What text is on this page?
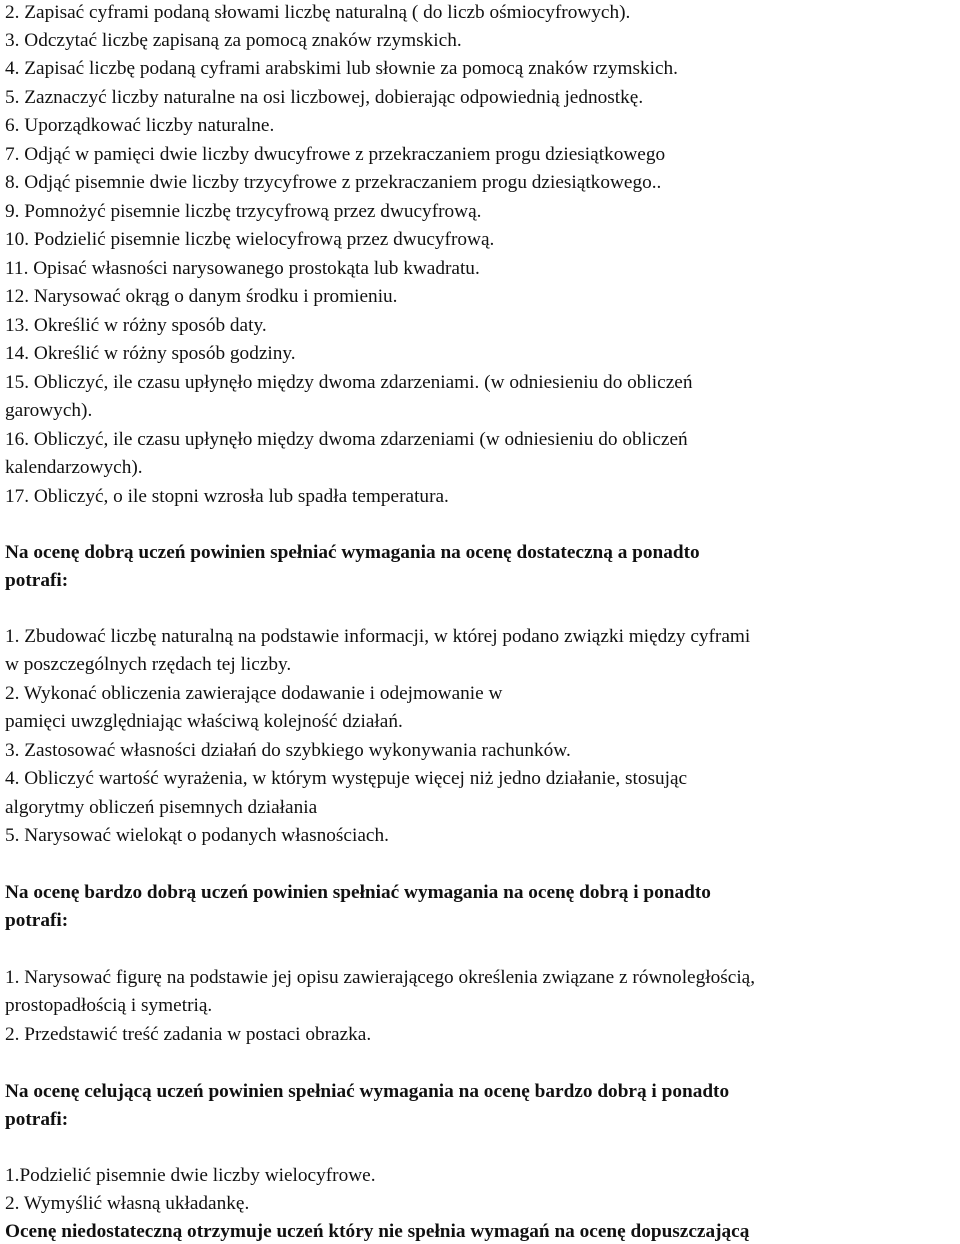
2. Zapisać cyframi podaną słowami liczbę naturalną ( do liczb ośmiocyfrowych).

3. Odczytać liczbę zapisaną za pomocą znaków rzymskich.

4. Zapisać liczbę podaną cyframi arabskimi lub słownie za pomocą znaków rzymskich.

5. Zaznaczyć liczby naturalne na osi liczbowej, dobierając odpowiednią jednostkę.

6. Uporządkować liczby naturalne.

7. Odjąć w pamięci dwie liczby dwucyfrowe z przekraczaniem progu dziesiątkowego

8. Odjąć pisemnie dwie liczby trzycyfrowe z przekraczaniem progu dziesiątkowego..

9. Pomnożyć pisemnie liczbę trzycyfrową przez dwucyfrową.

10. Podzielić pisemnie liczbę wielocyfrową przez dwucyfrową.

11. Opisać własności narysowanego prostokąta lub kwadratu.

12. Narysować okrąg o danym środku i promieniu.

13. Określić w różny sposób daty.

14. Określić w różny sposób godziny.

15. Obliczyć, ile czasu upłynęło między dwoma zdarzeniami. (w odniesieniu do obliczeń

garowych).

16. Obliczyć, ile czasu upłynęło między dwoma zdarzeniami (w odniesieniu do obliczeń

kalendarzowych).

17. Obliczyć, o ile stopni wzrosła lub spadła temperatura.

Na ocenę dobrą uczeń powinien spełniać wymagania na ocenę dostateczną a ponadto

potrafi:

1. Zbudować liczbę naturalną na podstawie informacji, w której podano związki między cyframi

w poszczególnych rzędach tej liczby.

2. Wykonać obliczenia zawierające dodawanie i odejmowanie w

pamięci uwzględniając właściwą kolejność działań.

3. Zastosować własności działań do szybkiego wykonywania rachunków.

4. Obliczyć wartość wyrażenia, w którym występuje więcej niż jedno działanie, stosując

algorytmy obliczeń pisemnych działania

5. Narysować wielokąt o podanych własnościach.

Na ocenę bardzo dobrą uczeń powinien spełniać wymagania na ocenę dobrą i ponadto

potrafi:

1. Narysować figurę na podstawie jej opisu zawierającego określenia związane z równoległością,

prostopadłością i symetrią.

2. Przedstawić treść zadania w postaci obrazka.

Na ocenę celującą uczeń powinien spełniać wymagania na ocenę bardzo dobrą i ponadto

potrafi:

1.Podzielić pisemnie dwie liczby wielocyfrowe.

2. Wymyślić własną układankę.

Ocenę niedostateczną otrzymuje uczeń który nie spełnia wymagań na ocenę dopuszczającą
